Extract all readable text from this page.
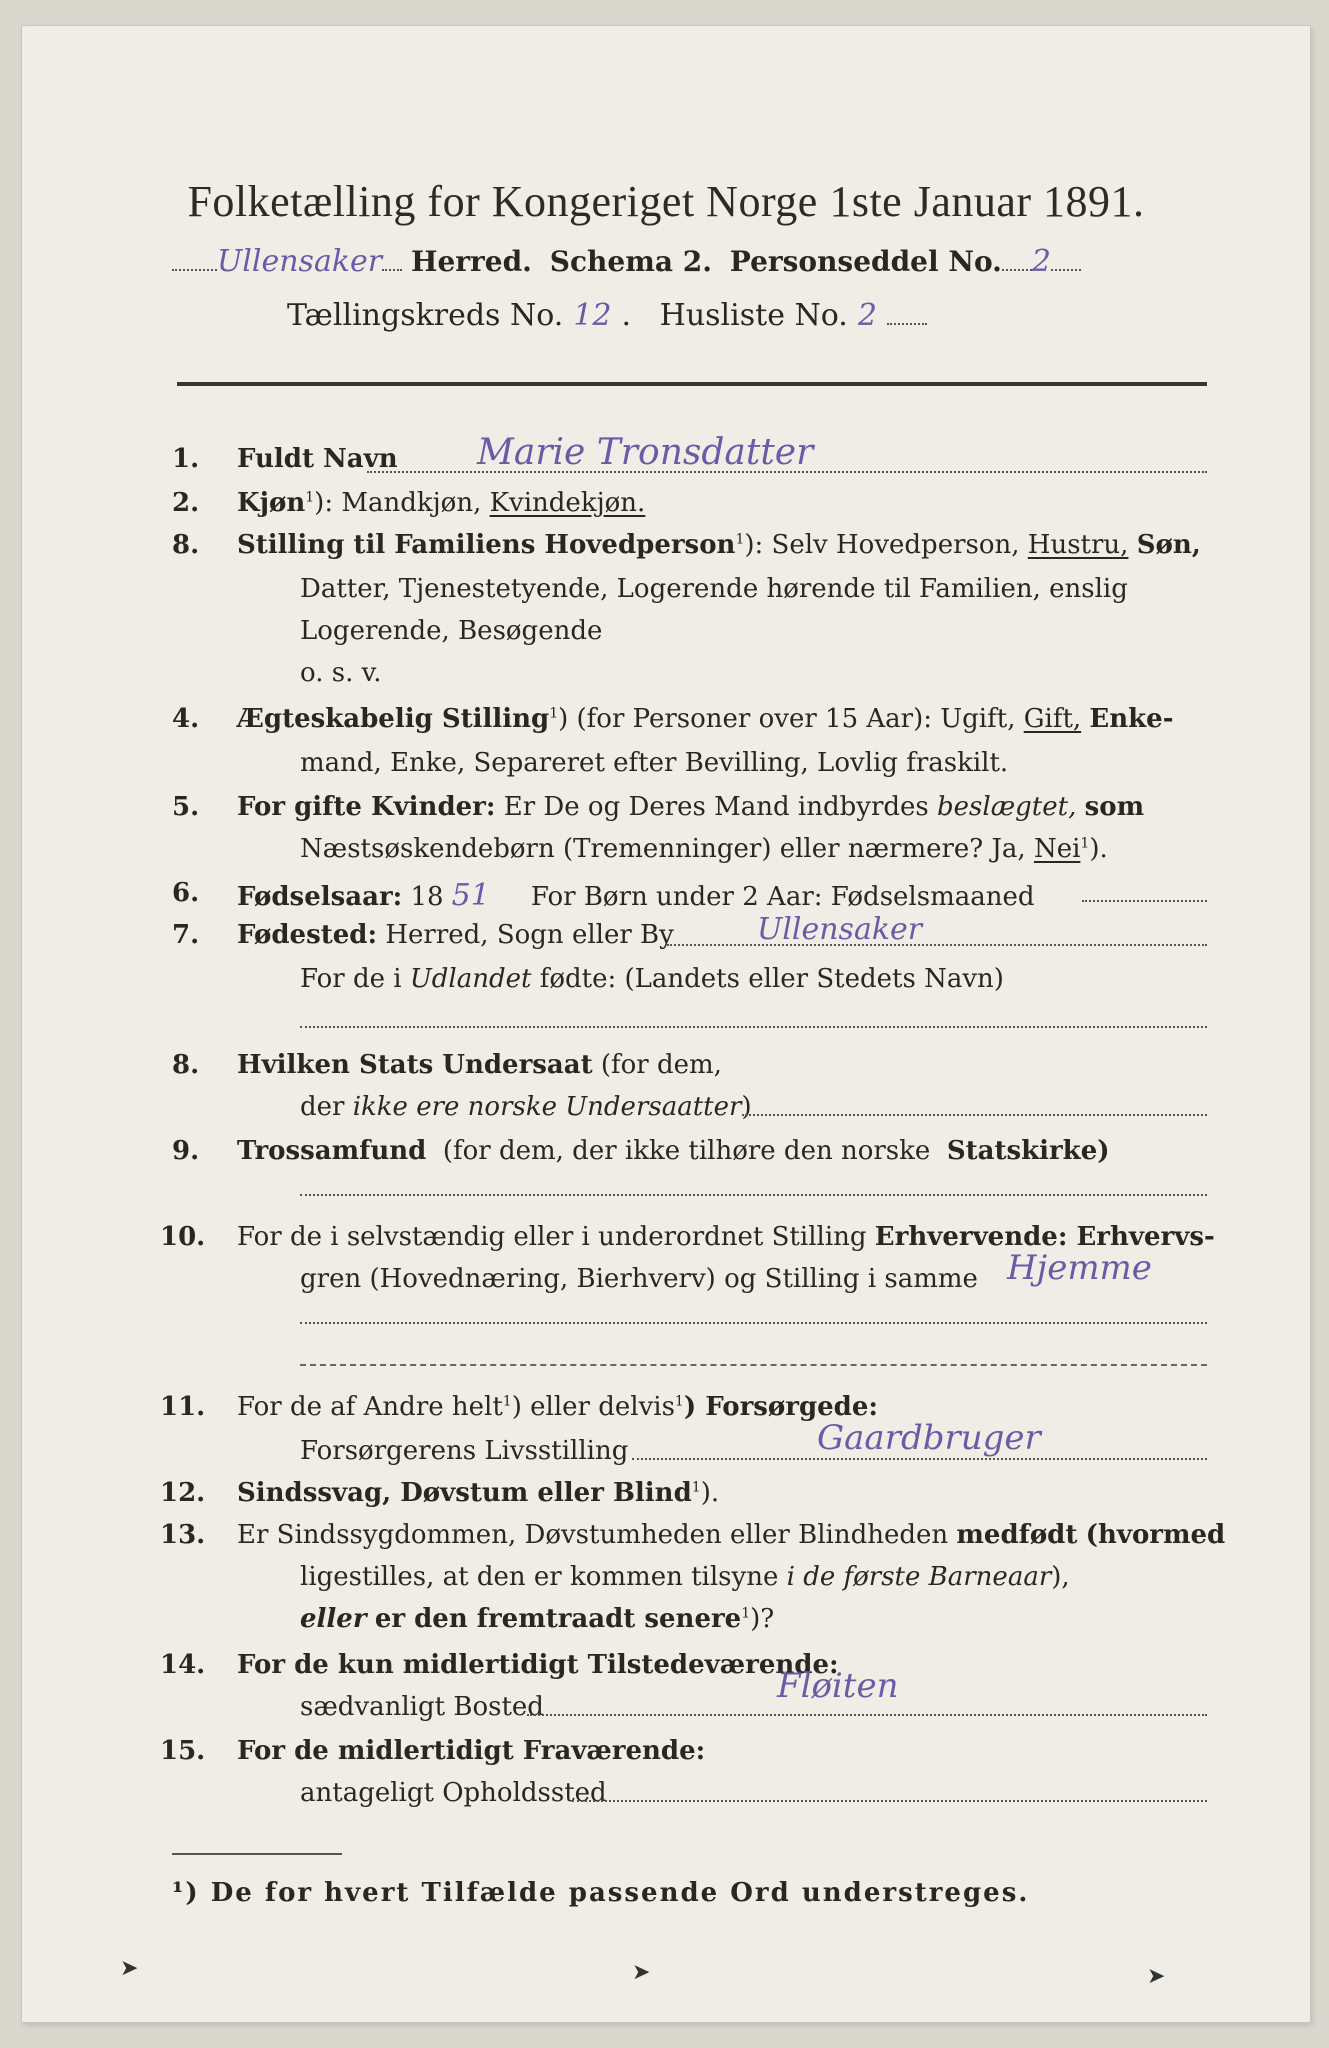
Folketælling for Kongeriget Norge 1ste Januar 1891.
Ullensaker Herred. Schema 2. Personseddel No. 2
Tællingskreds No. 12 .   Husliste No. 2
1. Fuldt Navn Marie Tronsdatter
2. Kjøn$^1$): Mandkjøn, Kvindekjøn.
8. Stilling til Familiens Hovedperson$^1$): Selv Hovedperson, Hustru, Søn,
Datter, Tjenestetyende, Logerende hørende til Familien, enslig
Logerende, Besøgende
o. s. v.
4. Ægteskabelig Stilling$^1$) (for Personer over 15 Aar): Ugift, Gift, Enke-
mand, Enke, Separeret efter Bevilling, Lovlig fraskilt.
5. For gifte Kvinder: Er De og Deres Mand indbyrdes beslægtet, som
Næstsøskendebørn (Tremenninger) eller nærmere? Ja, Nei$^1$).
6. Fødselsaar: 18 51 For Børn under 2 Aar: Fødselsmaaned
7. Fødested: Herred, Sogn eller By	Ullensaker
For de i Udlandet fødte: (Landets eller Stedets Navn)
8. Hvilken Stats Undersaat (for dem,
der ikke ere norske Undersaatter)
9. Trossamfund (for dem, der ikke tilhøre den norske Statskirke)
10. For de i selvstændig eller i underordnet Stilling Erhvervende: Erhvervs-
gren (Hovednæring, Bierhverv) og Stilling i samme Hjemme
11. For de af Andre helt$^1$) eller delvis$^1$) Forsørgede:
Forsørgerens Livsstilling	Gaardbruger
12. Sindssvag, Døvstum eller Blind$^1$).
13. Er Sindssygdommen, Døvstumheden eller Blindheden medfødt (hvormed
ligestilles, at den er kommen tilsyne i de første Barneaar),
eller er den fremtraadt senere$^1$)?
14. For de kun midlertidigt Tilstedeværende:
sædvanligt Bosted
Fløiten
15. For de midlertidigt Fraværende:
antageligt Opholdssted
¹) De for hvert Tilfælde passende Ord understreges.
➤	➤	➤
